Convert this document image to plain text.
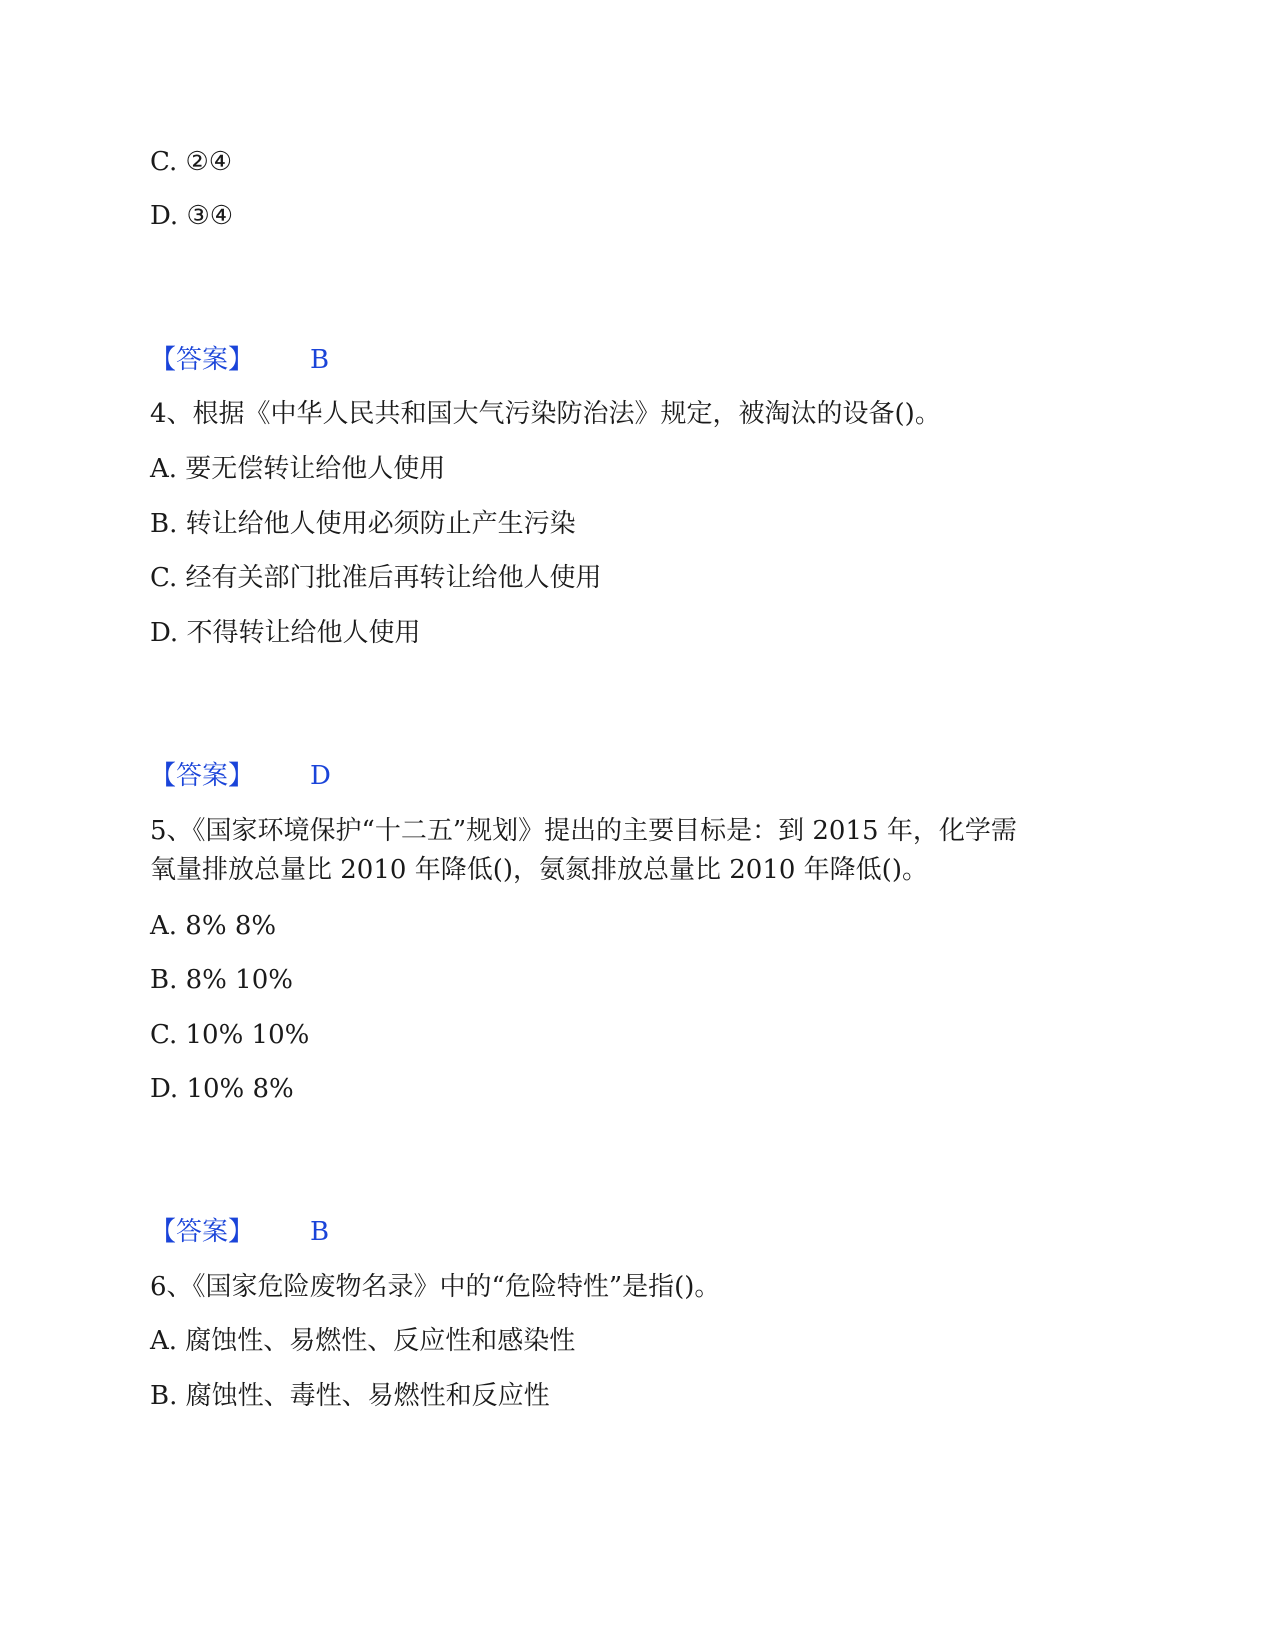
C. ②④
D. ③④
【答案】 B
4、根据《中华人民共和国大气污染防治法》规定，被淘汰的设备()。
A. 要无偿转让给他人使用
B. 转让给他人使用必须防止产生污染
C. 经有关部门批准后再转让给他人使用
D. 不得转让给他人使用
【答案】 D
5、《国家环境保护“十二五”规划》提出的主要目标是：到 2015 年，化学需
氧量排放总量比 2010 年降低()，氨氮排放总量比 2010 年降低()。
A. 8% 8%
B. 8% 10%
C. 10% 10%
D. 10% 8%
【答案】 B
6、《国家危险废物名录》中的“危险特性”是指()。
A. 腐蚀性、易燃性、反应性和感染性
B. 腐蚀性、毒性、易燃性和反应性
